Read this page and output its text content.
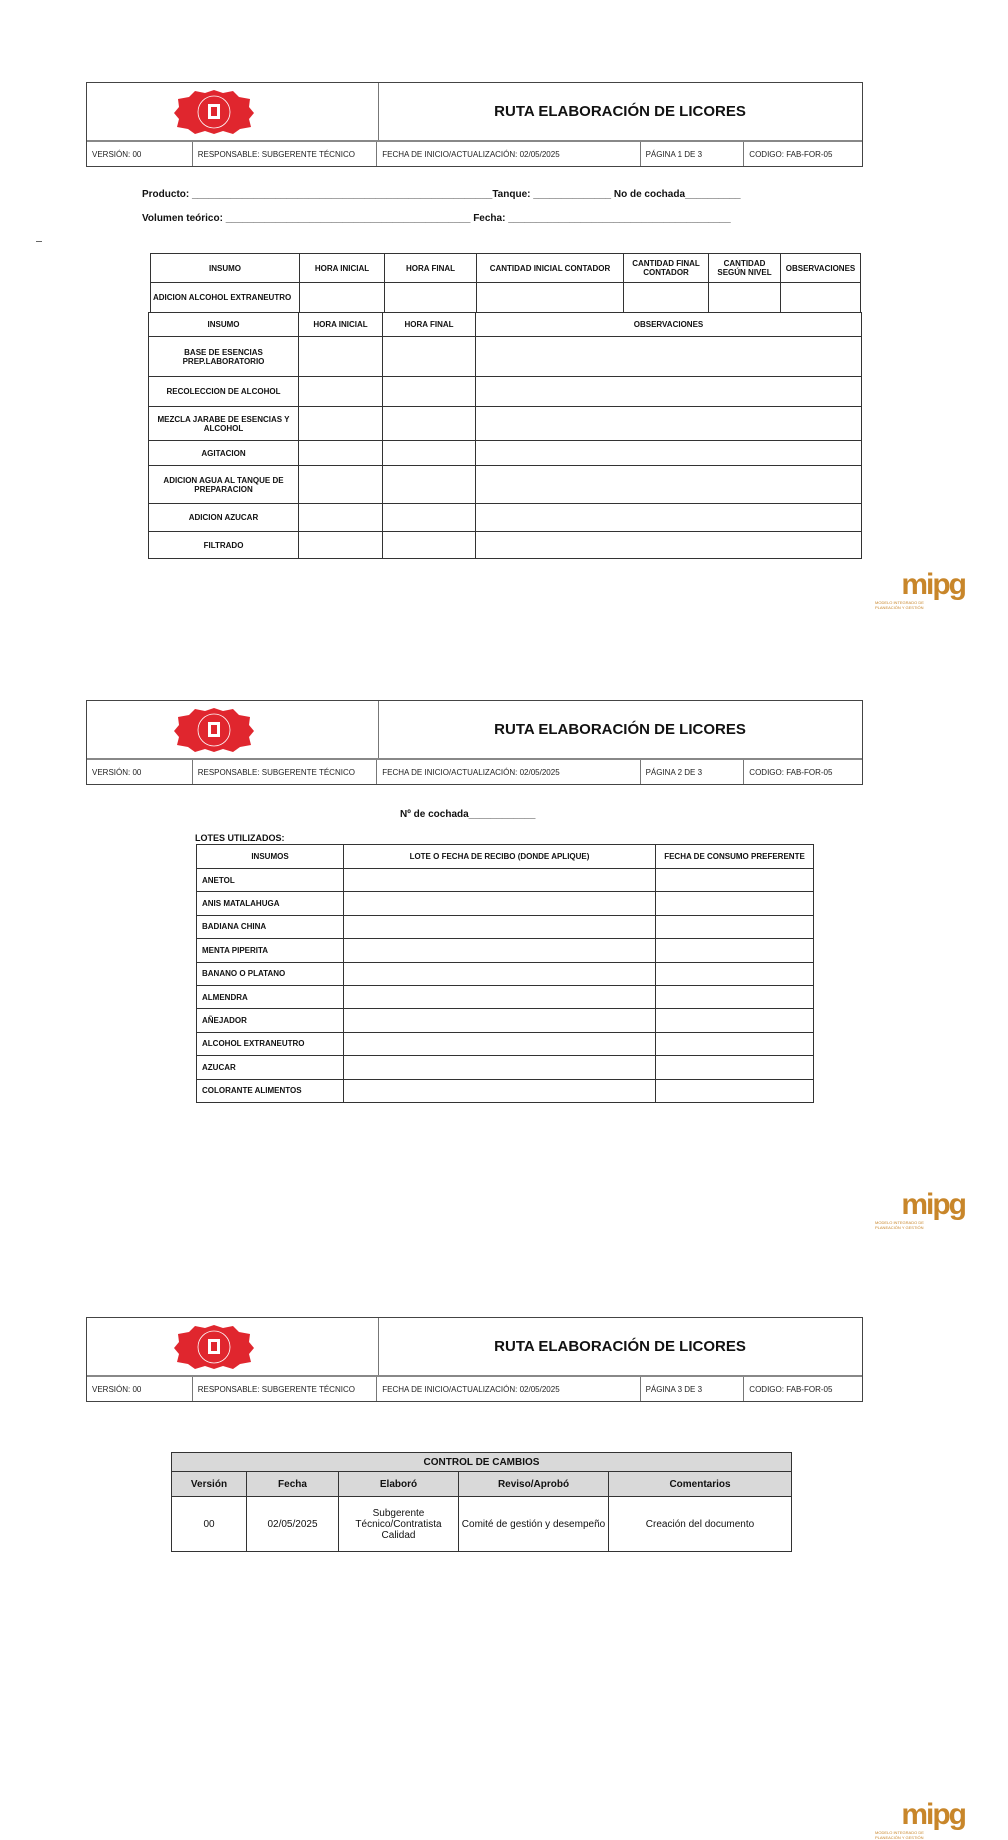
RUTA ELABORACIÓN DE LICORES
VERSIÓN: 00	RESPONSABLE: SUBGERENTE TÉCNICO	FECHA DE INICIO/ACTUALIZACIÓN: 02/05/2025	PÁGINA 1 DE 3	CODIGO: FAB-FOR-05
RUTA ELABORACIÓN DE LICORES
VERSIÓN: 00	RESPONSABLE: SUBGERENTE TÉCNICO	FECHA DE INICIO/ACTUALIZACIÓN: 02/05/2025	PÁGINA 2 DE 3	CODIGO: FAB-FOR-05
RUTA ELABORACIÓN DE LICORES
VERSIÓN: 00	RESPONSABLE: SUBGERENTE TÉCNICO	FECHA DE INICIO/ACTUALIZACIÓN: 02/05/2025	PÁGINA 3 DE 3	CODIGO: FAB-FOR-05
Producto: ______________________________________________________Tanque: ______________ No de cochada__________
Volumen teórico: ____________________________________________ Fecha: ________________________________________
INSUMO	HORA INICIAL	HORA FINAL	CANTIDAD INICIAL CONTADOR	CANTIDAD FINAL CONTADOR	CANTIDAD SEGÚN NIVEL	OBSERVACIONES
ADICION ALCOHOL EXTRANEUTRO						
INSUMO	HORA INICIAL	HORA FINAL	OBSERVACIONES
BASE DE ESENCIAS PREP.LABORATORIO			
RECOLECCION DE ALCOHOL			
MEZCLA JARABE DE ESENCIAS Y ALCOHOL			
AGITACION			
ADICION AGUA AL TANQUE DE PREPARACION			
ADICION AZUCAR			
FILTRADO			
Nº de cochada____________
LOTES UTILIZADOS:
INSUMOS	LOTE O FECHA DE RECIBO (DONDE APLIQUE)	FECHA DE CONSUMO PREFERENTE
ANETOL		
ANIS MATALAHUGA		
BADIANA CHINA		
MENTA PIPERITA		
BANANO O PLATANO		
ALMENDRA		
AÑEJADOR		
ALCOHOL EXTRANEUTRO		
AZUCAR		
COLORANTE ALIMENTOS		
CONTROL DE CAMBIOS				
Versión	Fecha	Elaboró	Reviso/Aprobó	Comentarios
00	02/05/2025	Subgerente Técnico/Contratista Calidad	Comité de gestión y desempeño	Creación del documento
mipg
MODELO INTEGRADO DE PLANEACIÓN Y GESTIÓN
mipg
MODELO INTEGRADO DE PLANEACIÓN Y GESTIÓN
mipg
MODELO INTEGRADO DE PLANEACIÓN Y GESTIÓN
